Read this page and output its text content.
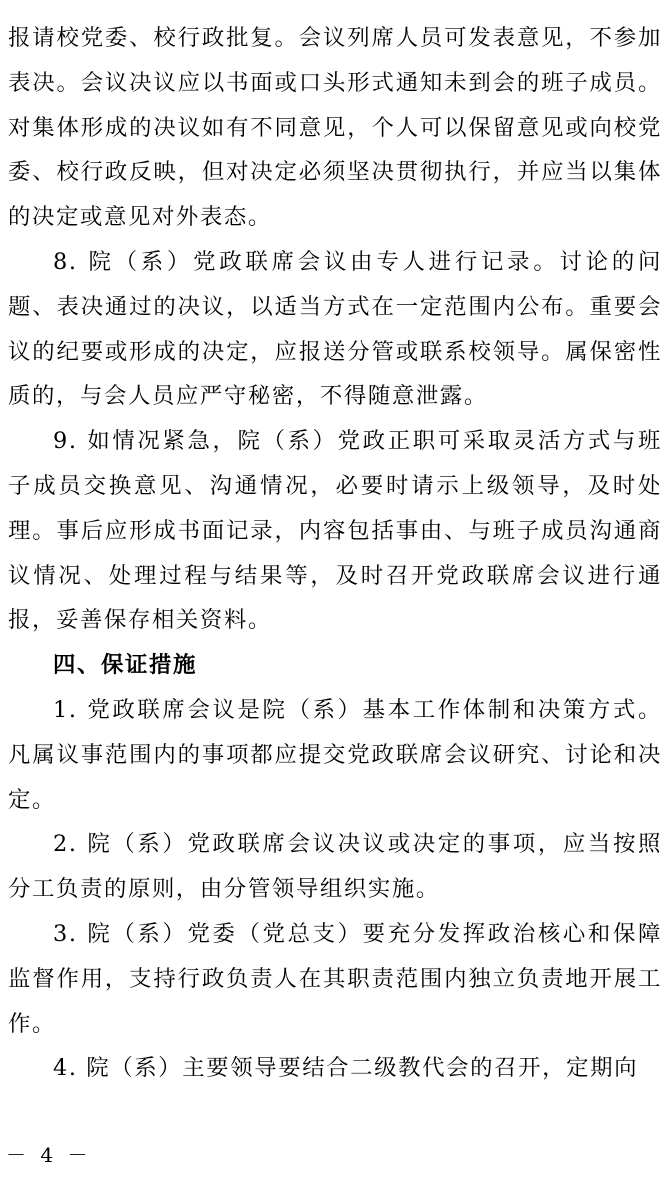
报请校党委、校行政批复。会议列席人员可发表意见，不参加表决。会议决议应以书面或口头形式通知未到会的班子成员。对集体形成的决议如有不同意见，个人可以保留意见或向校党委、校行政反映，但对决定必须坚决贯彻执行，并应当以集体的决定或意见对外表态。

8. 院（系）党政联席会议由专人进行记录。讨论的问题、表决通过的决议，以适当方式在一定范围内公布。重要会议的纪要或形成的决定，应报送分管或联系校领导。属保密性质的，与会人员应严守秘密，不得随意泄露。

9. 如情况紧急，院（系）党政正职可采取灵活方式与班子成员交换意见、沟通情况，必要时请示上级领导，及时处理。事后应形成书面记录，内容包括事由、与班子成员沟通商议情况、处理过程与结果等，及时召开党政联席会议进行通报，妥善保存相关资料。

四、保证措施

1. 党政联席会议是院（系）基本工作体制和决策方式。凡属议事范围内的事项都应提交党政联席会议研究、讨论和决定。

2. 院（系）党政联席会议决议或决定的事项，应当按照分工负责的原则，由分管领导组织实施。

3. 院（系）党委（党总支）要充分发挥政治核心和保障监督作用，支持行政负责人在其职责范围内独立负责地开展工作。

4. 院（系）主要领导要结合二级教代会的召开，定期向

－ 4 －
